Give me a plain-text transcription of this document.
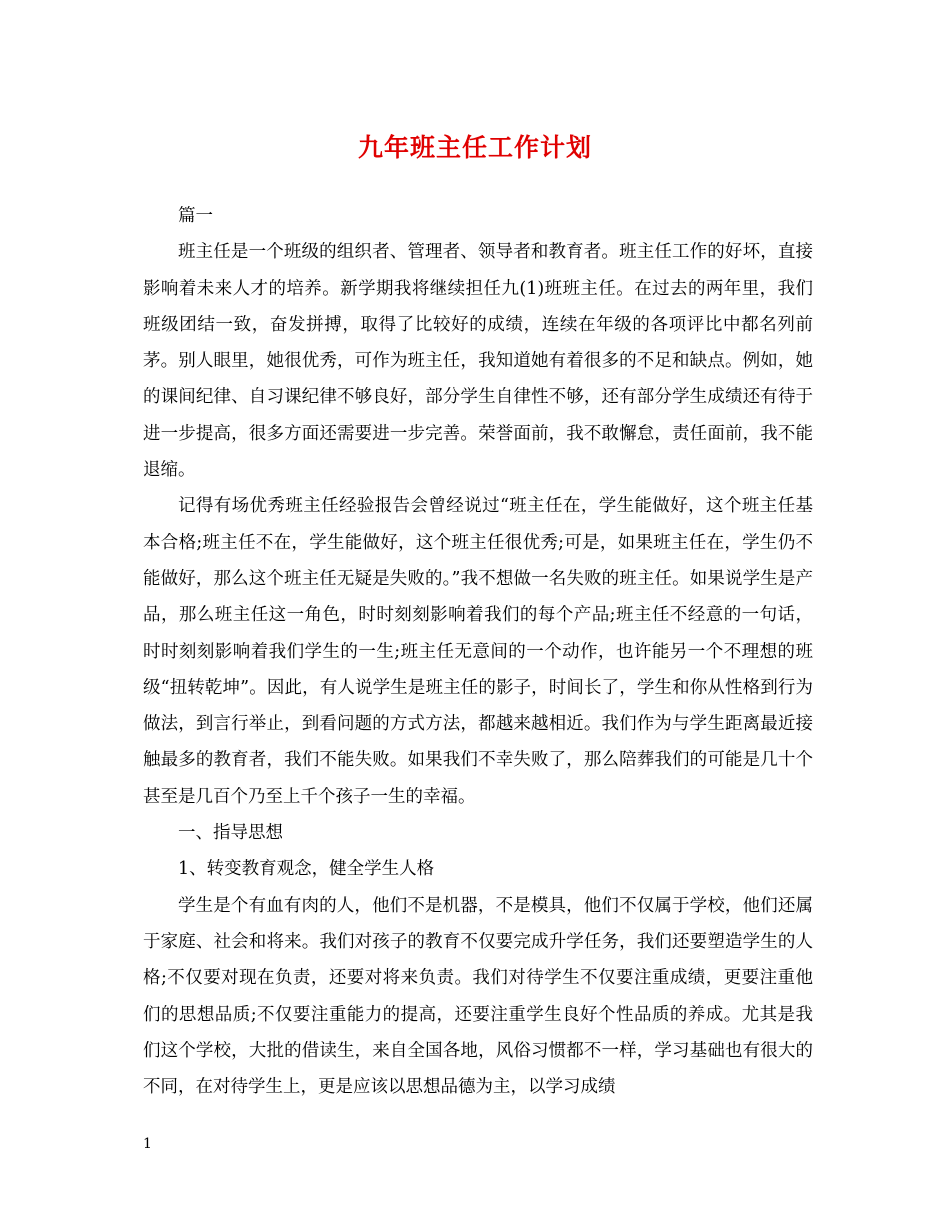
九年班主任工作计划

篇一

班主任是一个班级的组织者、管理者、领导者和教育者。班主任工作的好坏，直接影响着未来人才的培养。新学期我将继续担任九(1)班班主任。在过去的两年里，我们班级团结一致，奋发拼搏，取得了比较好的成绩，连续在年级的各项评比中都名列前茅。别人眼里，她很优秀，可作为班主任，我知道她有着很多的不足和缺点。例如，她的课间纪律、自习课纪律不够良好，部分学生自律性不够，还有部分学生成绩还有待于进一步提高，很多方面还需要进一步完善。荣誉面前，我不敢懈怠，责任面前，我不能退缩。

记得有场优秀班主任经验报告会曾经说过“班主任在，学生能做好，这个班主任基本合格;班主任不在，学生能做好，这个班主任很优秀;可是，如果班主任在，学生仍不能做好，那么这个班主任无疑是失败的。”我不想做一名失败的班主任。如果说学生是产品，那么班主任这一角色，时时刻刻影响着我们的每个产品;班主任不经意的一句话，时时刻刻影响着我们学生的一生;班主任无意间的一个动作，也许能另一个不理想的班级“扭转乾坤”。因此，有人说学生是班主任的影子，时间长了，学生和你从性格到行为做法，到言行举止，到看问题的方式方法，都越来越相近。我们作为与学生距离最近接触最多的教育者，我们不能失败。如果我们不幸失败了，那么陪葬我们的可能是几十个甚至是几百个乃至上千个孩子一生的幸福。

一、指导思想

1、转变教育观念，健全学生人格

学生是个有血有肉的人，他们不是机器，不是模具，他们不仅属于学校，他们还属于家庭、社会和将来。我们对孩子的教育不仅要完成升学任务，我们还要塑造学生的人格;不仅要对现在负责，还要对将来负责。我们对待学生不仅要注重成绩，更要注重他们的思想品质;不仅要注重能力的提高，还要注重学生良好个性品质的养成。尤其是我们这个学校，大批的借读生，来自全国各地，风俗习惯都不一样，学习基础也有很大的不同，在对待学生上，更是应该以思想品德为主，以学习成绩

1
